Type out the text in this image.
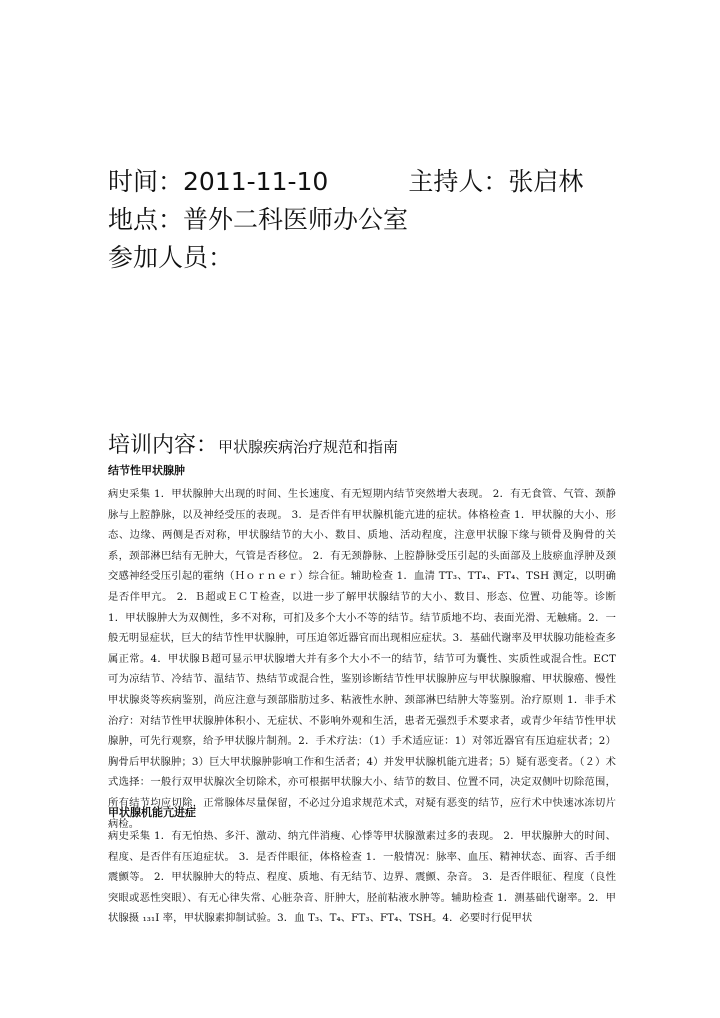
时间：2011-11-10	主持人：张启林
地点：普外二科医师办公室
参加人员：
培训内容：甲状腺疾病治疗规范和指南
结节性甲状腺肿

病史采集 1．甲状腺肿大出现的时间、生长速度、有无短期内结节突然增大表现。 2．有无食管、气管、颈静脉与上腔静脉，以及神经受压的表现。 3．是否伴有甲状腺机能亢进的症状。体格检查 1．甲状腺的大小、形态、边缘、两侧是否对称，甲状腺结节的大小、数目、质地、活动程度，注意甲状腺下缘与锁骨及胸骨的关系，颈部淋巴结有无肿大，气管是否移位。 2．有无颈静脉、上腔静脉受压引起的头面部及上肢瘀血浮肿及颈交感神经受压引起的霍纳（Ｈｏｒｎｅｒ）综合征。辅助检查 1．血清 TT₃、TT₄、FT₄、TSH 测定，以明确是否伴甲亢。 2．Ｂ超或ＥＣＴ检查，以进一步了解甲状腺结节的大小、数目、形态、位置、功能等。诊断 1．甲状腺肿大为双侧性，多不对称，可扪及多个大小不等的结节。结节质地不均、表面光滑、无触痛。2．一般无明显症状，巨大的结节性甲状腺肿，可压迫邻近器官而出现相应症状。3．基础代谢率及甲状腺功能检查多属正常。4．甲状腺Ｂ超可显示甲状腺增大并有多个大小不一的结节，结节可为囊性、实质性或混合性。ECT 可为凉结节、冷结节、温结节、热结节或混合性，鉴别诊断结节性甲状腺肿应与甲状腺腺瘤、甲状腺癌、慢性甲状腺炎等疾病鉴别，尚应注意与颈部脂肪过多、粘液性水肿、颈部淋巴结肿大等鉴别。治疗原则 1．非手术治疗：对结节性甲状腺肿体积小、无症状、不影响外观和生活，患者无强烈手术要求者，或青少年结节性甲状腺肿，可先行观察，给予甲状腺片制剂。2．手术疗法：（1）手术适应证：1）对邻近器官有压迫症状者；2）胸骨后甲状腺肿；3）巨大甲状腺肿影响工作和生活者；4）并发甲状腺机能亢进者；5）疑有恶变者。（２）术式选择：一般行双甲状腺次全切除术，亦可根据甲状腺大小、结节的数目、位置不同，决定双侧叶切除范围，所有结节均应切除，正常腺体尽量保留，不必过分追求规范术式，对疑有恶变的结节，应行术中快速冰冻切片病检。

甲状腺机能亢进症

病史采集 1．有无怕热、多汗、激动、纳亢伴消瘦、心悸等甲状腺激素过多的表现。 2．甲状腺肿大的时间、程度、是否伴有压迫症状。 3．是否伴眼征，体格检查 1．一般情况：脉率、血压、精神状态、面容、舌手细震颤等。 2．甲状腺肿大的特点、程度、质地、有无结节、边界、震颤、杂音。 3．是否伴眼征、程度（良性突眼或恶性突眼）、有无心律失常、心脏杂音、肝肿大，胫前粘液水肿等。辅助检查 1．测基础代谢率。2．甲状腺摄 ₁₃₁I 率，甲状腺素抑制试验。3．血 T₃、T₄、FT₃、FT₄、TSH。4．必要时行促甲状
